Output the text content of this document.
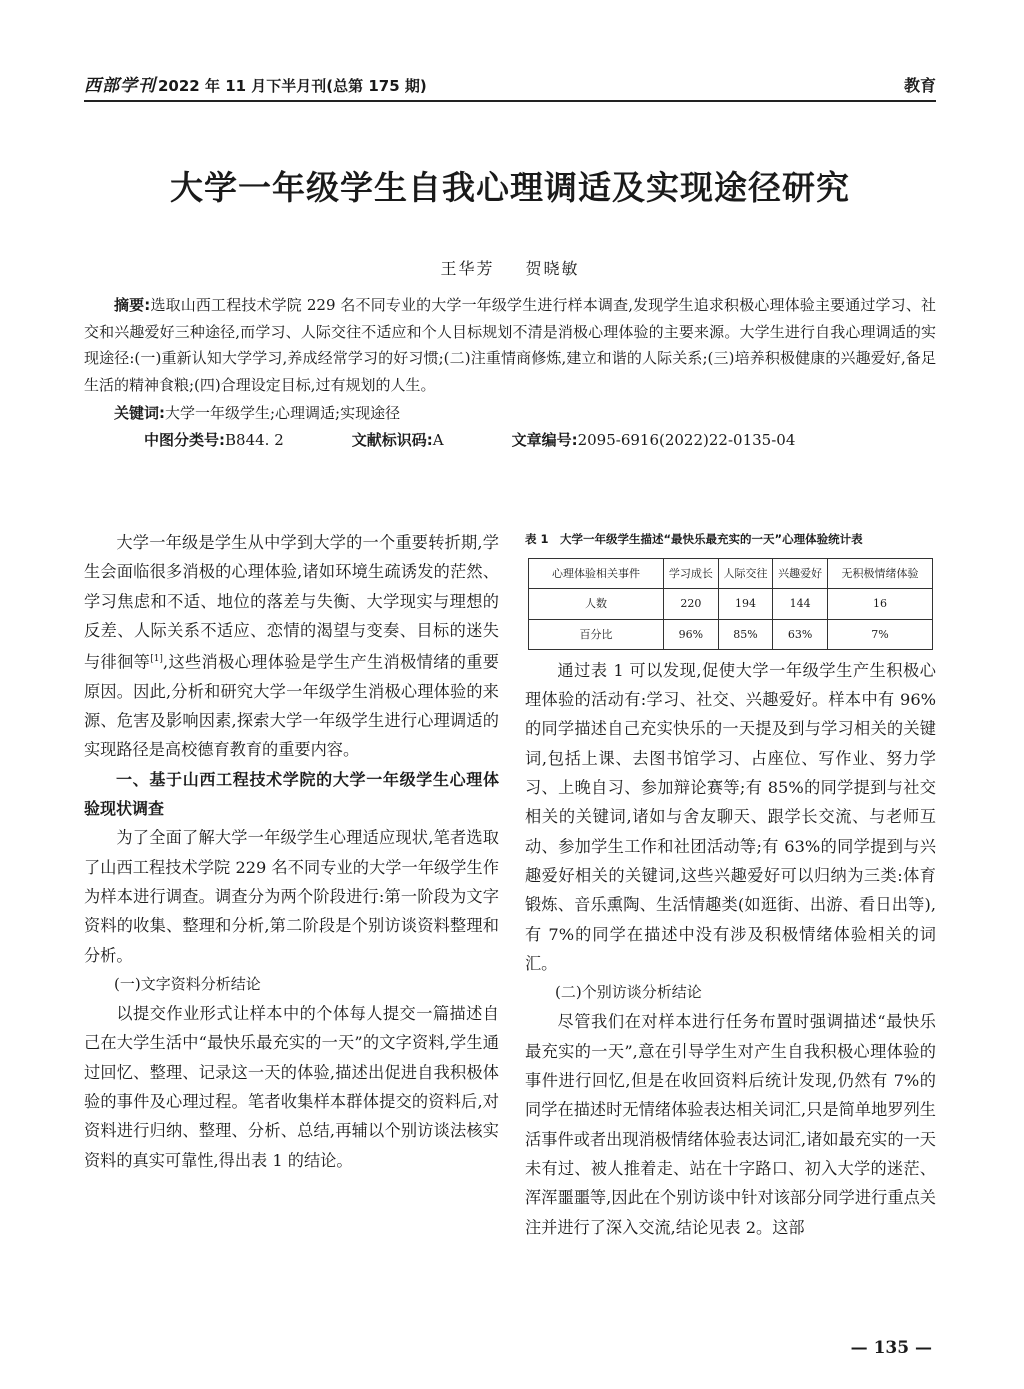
西部学刊 2022 年 11 月下半月刊(总第 175 期)	教育
大学一年级学生自我心理调适及实现途径研究
王华芳 贺晓敏

摘要:选取山西工程技术学院 229 名不同专业的大学一年级学生进行样本调查,发现学生追求积极心理体验主要通过学习、社交和兴趣爱好三种途径,而学习、人际交往不适应和个人目标规划不清是消极心理体验的主要来源。大学生进行自我心理调适的实现途径:(一)重新认知大学学习,养成经常学习的好习惯;(二)注重情商修炼,建立和谐的人际关系;(三)培养积极健康的兴趣爱好,备足生活的精神食粮;(四)合理设定目标,过有规划的人生。

关键词:大学一年级学生;心理调适;实现途径

中图分类号:B844. 2	文献标识码:A	文章编号:2095-6916(2022)22-0135-04

大学一年级是学生从中学到大学的一个重要转折期,学生会面临很多消极的心理体验,诸如环境生疏诱发的茫然、学习焦虑和不适、地位的落差与失衡、大学现实与理想的反差、人际关系不适应、恋情的渴望与变奏、目标的迷失与徘徊等[1],这些消极心理体验是学生产生消极情绪的重要原因。因此,分析和研究大学一年级学生消极心理体验的来源、危害及影响因素,探索大学一年级学生进行心理调适的实现路径是高校德育教育的重要内容。

一、基于山西工程技术学院的大学一年级学生心理体验现状调查

为了全面了解大学一年级学生心理适应现状,笔者选取了山西工程技术学院 229 名不同专业的大学一年级学生作为样本进行调查。调查分为两个阶段进行:第一阶段为文字资料的收集、整理和分析,第二阶段是个别访谈资料整理和分析。

(一)文字资料分析结论

以提交作业形式让样本中的个体每人提交一篇描述自己在大学生活中“最快乐最充实的一天”的文字资料,学生通过回忆、整理、记录这一天的体验,描述出促进自我积极体验的事件及心理过程。笔者收集样本群体提交的资料后,对资料进行归纳、整理、分析、总结,再辅以个别访谈法核实资料的真实可靠性,得出表 1 的结论。

表 1　大学一年级学生描述“最快乐最充实的一天”心理体验统计表
心理体验相关事件	学习成长	人际交往	兴趣爱好	无积极情绪体验
人数	220	194	144	16
百分比	96%	85%	63%	7%

通过表 1 可以发现,促使大学一年级学生产生积极心理体验的活动有:学习、社交、兴趣爱好。样本中有 96%的同学描述自己充实快乐的一天提及到与学习相关的关键词,包括上课、去图书馆学习、占座位、写作业、努力学习、上晚自习、参加辩论赛等;有 85%的同学提到与社交相关的关键词,诸如与舍友聊天、跟学长交流、与老师互动、参加学生工作和社团活动等;有 63%的同学提到与兴趣爱好相关的关键词,这些兴趣爱好可以归纳为三类:体育锻炼、音乐熏陶、生活情趣类(如逛街、出游、看日出等),有 7%的同学在描述中没有涉及积极情绪体验相关的词汇。

(二)个别访谈分析结论

尽管我们在对样本进行任务布置时强调描述“最快乐最充实的一天”,意在引导学生对产生自我积极心理体验的事件进行回忆,但是在收回资料后统计发现,仍然有 7%的同学在描述时无情绪体验表达相关词汇,只是简单地罗列生活事件或者出现消极情绪体验表达词汇,诸如最充实的一天未有过、被人推着走、站在十字路口、初入大学的迷茫、浑浑噩噩等,因此在个别访谈中针对该部分同学进行重点关注并进行了深入交流,结论见表 2。这部

— 135 —
